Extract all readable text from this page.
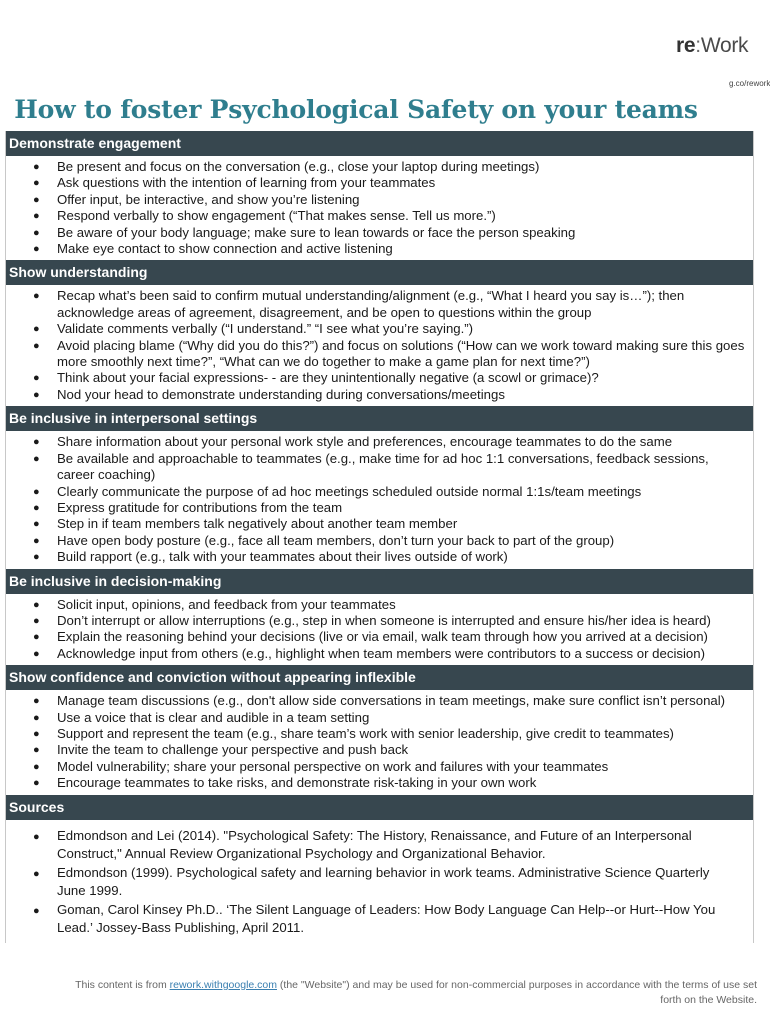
re:Work
g.co/rework
How to foster Psychological Safety on your teams
Demonstrate engagement
● Be present and focus on the conversation (e.g., close your laptop during meetings)
● Ask questions with the intention of learning from your teammates
● Offer input, be interactive, and show you’re listening
● Respond verbally to show engagement (“That makes sense. Tell us more.”)
● Be aware of your body language; make sure to lean towards or face the person speaking
● Make eye contact to show connection and active listening
Show understanding
● Recap what’s been said to confirm mutual understanding/alignment (e.g., “What I heard you say is…”); then acknowledge areas of agreement, disagreement, and be open to questions within the group
● Validate comments verbally (“I understand.” “I see what you’re saying.”)
● Avoid placing blame (“Why did you do this?”) and focus on solutions (“How can we work toward making sure this goes more smoothly next time?”, “What can we do together to make a game plan for next time?”)
● Think about your facial expressions- - are they unintentionally negative (a scowl or grimace)?
● Nod your head to demonstrate understanding during conversations/meetings
Be inclusive in interpersonal settings
● Share information about your personal work style and preferences, encourage teammates to do the same
● Be available and approachable to teammates (e.g., make time for ad hoc 1:1 conversations, feedback sessions, career coaching)
● Clearly communicate the purpose of ad hoc meetings scheduled outside normal 1:1s/team meetings
● Express gratitude for contributions from the team
● Step in if team members talk negatively about another team member
● Have open body posture (e.g., face all team members, don’t turn your back to part of the group)
● Build rapport (e.g., talk with your teammates about their lives outside of work)
Be inclusive in decision-making
● Solicit input, opinions, and feedback from your teammates
● Don’t interrupt or allow interruptions (e.g., step in when someone is interrupted and ensure his/her idea is heard)
● Explain the reasoning behind your decisions (live or via email, walk team through how you arrived at a decision)
● Acknowledge input from others (e.g., highlight when team members were contributors to a success or decision)
Show confidence and conviction without appearing inflexible
● Manage team discussions (e.g., don't allow side conversations in team meetings, make sure conflict isn’t personal)
● Use a voice that is clear and audible in a team setting
● Support and represent the team (e.g., share team’s work with senior leadership, give credit to teammates)
● Invite the team to challenge your perspective and push back
● Model vulnerability; share your personal perspective on work and failures with your teammates
● Encourage teammates to take risks, and demonstrate risk-taking in your own work
Sources
● Edmondson and Lei (2014). "Psychological Safety: The History, Renaissance, and Future of an Interpersonal Construct," Annual Review Organizational Psychology and Organizational Behavior.
● Edmondson (1999). Psychological safety and learning behavior in work teams. Administrative Science Quarterly June 1999.
● Goman, Carol Kinsey Ph.D.. ‘The Silent Language of Leaders: How Body Language Can Help--or Hurt--How You Lead.’ Jossey-Bass Publishing, April 2011.
This content is from rework.withgoogle.com (the "Website") and may be used for non-commercial purposes in accordance with the terms of use set forth on the Website.
